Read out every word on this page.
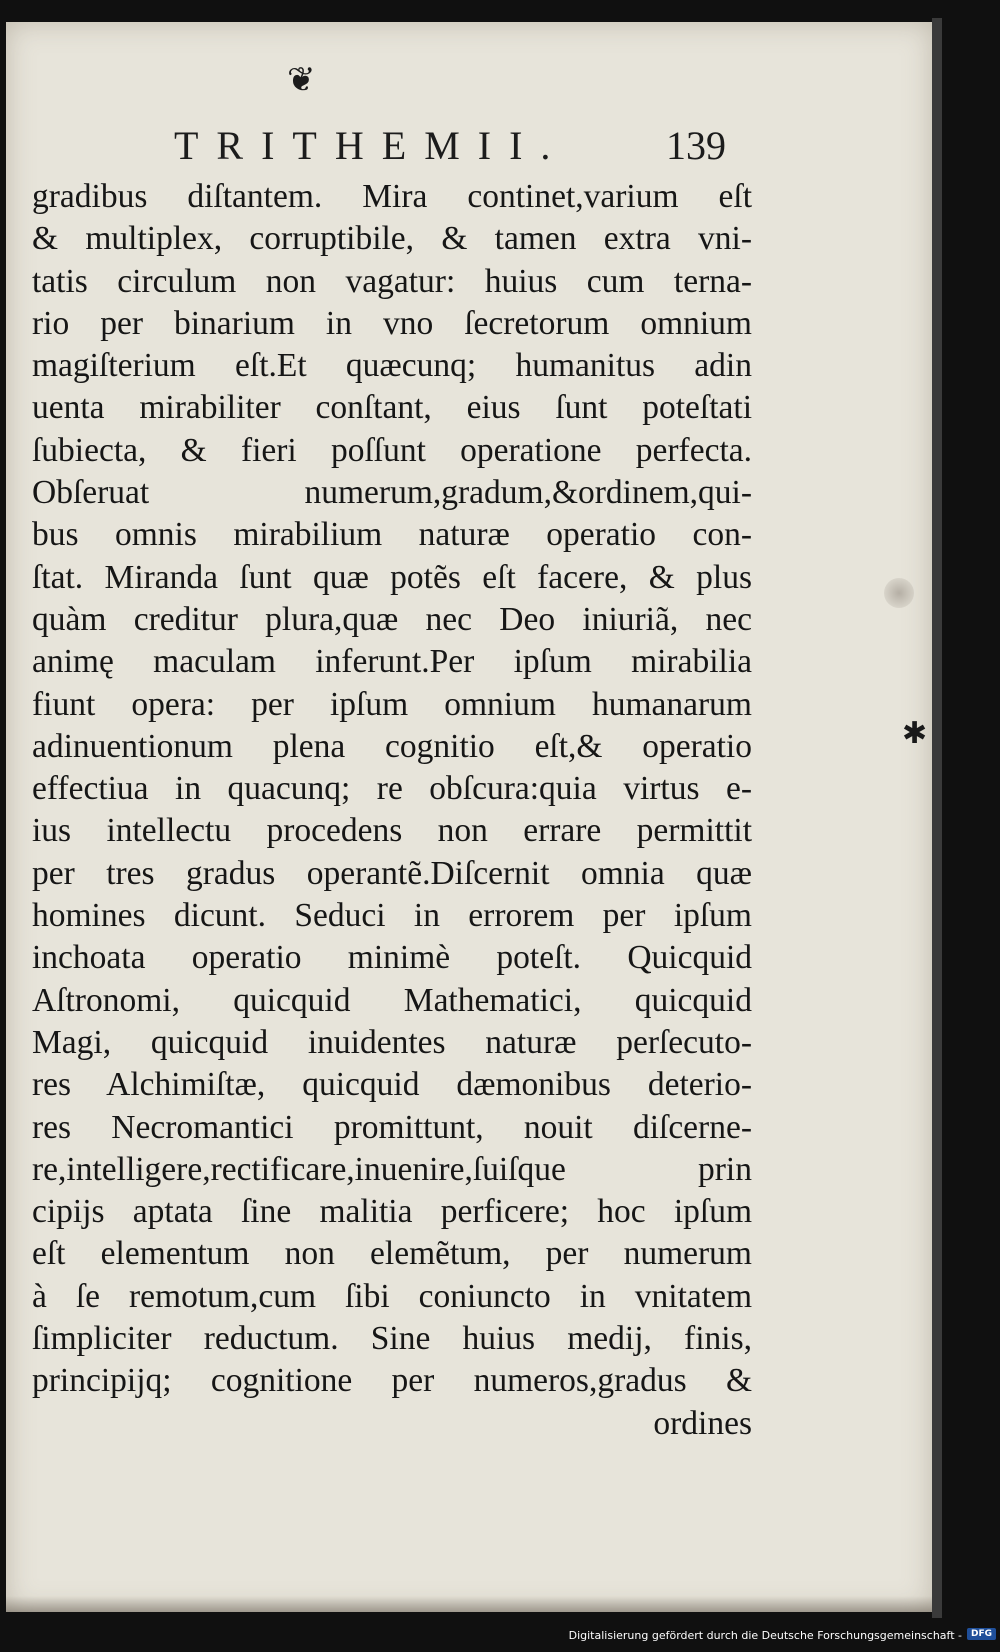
❦
TRITHEMII. 139
gradibus diſtantem. Mira continet,varium eſt
& multiplex, corruptibile, & tamen extra vni-
tatis circulum non vagatur: huius cum terna-
rio per binarium in vno ſecretorum omnium
magiſterium eſt.Et quæcunq; humanitus adin
uenta mirabiliter conſtant, eius ſunt poteſtati
ſubiecta, & fieri poſſunt operatione perfecta.
Obſeruat numerum,gradum,&ordinem,qui-
bus omnis mirabilium naturæ operatio con-
ſtat. Miranda ſunt quæ potẽs eſt facere, & plus
quàm creditur plura,quæ nec Deo iniuriã, nec
animę maculam inferunt.Per ipſum mirabilia
fiunt opera: per ipſum omnium humanarum
adinuentionum plena cognitio eſt,& operatio
effectiua in quacunq; re obſcura:quia virtus e-
ius intellectu procedens non errare permittit
per tres gradus operantẽ.Diſcernit omnia quæ
homines dicunt. Seduci in errorem per ipſum
inchoata operatio minimè poteſt. Quicquid
Aſtronomi, quicquid Mathematici, quicquid
Magi, quicquid inuidentes naturæ perſecuto-
res Alchimiſtæ, quicquid dæmonibus deterio-
res Necromantici promittunt, nouit diſcerne-
re,intelligere,rectificare,inuenire,ſuiſque prin
cipijs aptata ſine malitia perficere; hoc ipſum
eſt elementum non elemẽtum, per numerum
à ſe remotum,cum ſibi coniuncto in vnitatem
ſimpliciter reductum. Sine huius medij, finis,
principijq; cognitione per numeros,gradus &
ordines
✱
Digitalisierung gefördert durch die Deutsche Forschungsgemeinschaft - DFG
